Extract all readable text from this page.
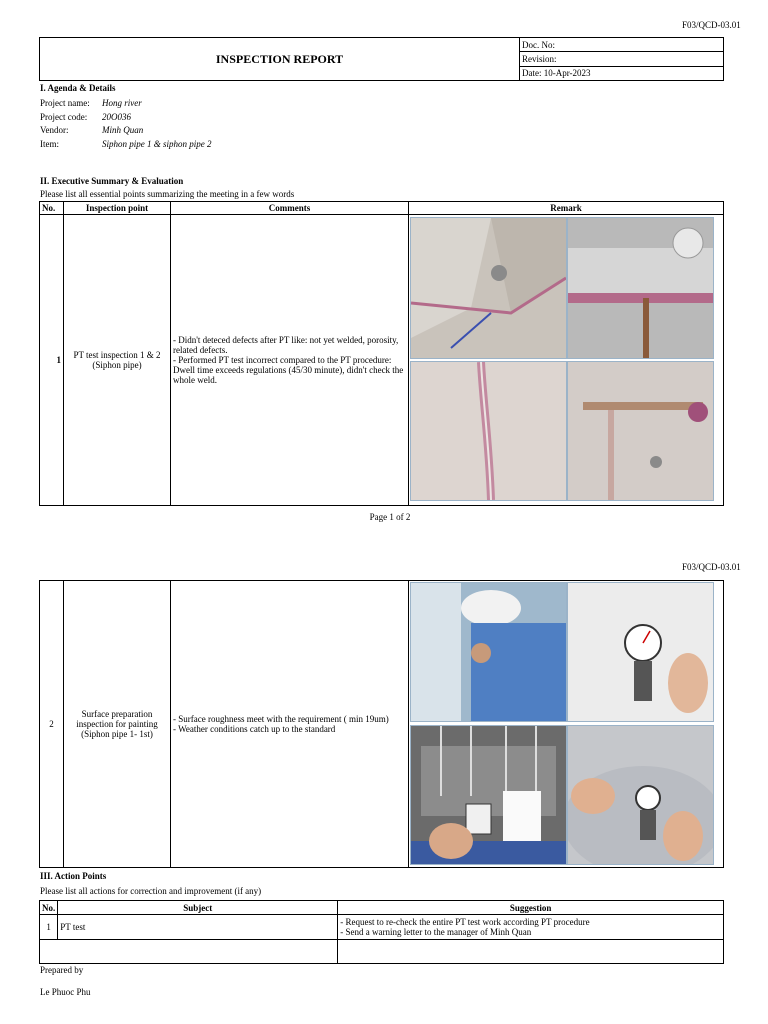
F03/QCD-03.01
INSPECTION REPORT	Doc. No:
Revision:
Date: 10-Apr-2023
I. Agenda & Details
Project name: Hong river
Project code: 20O036
Vendor:	Minh Quan
Item:	Siphon pipe 1 & siphon pipe 2
II. Executive Summary & Evaluation
Please list all essential points summarizing the meeting in a few words
No.	Inspection point	Comments	Remark
1	PT test inspection 1 & 2 (Siphon pipe)	- Didn't deteced defects after PT like: not yet welded, porosity, related defects.
- Performed PT test incorrect compared to the PT procedure: Dwell time exceeds regulations (45/30 minute), didn't check the whole weld.	
Page 1 of 2
F03/QCD-03.01
2	Surface preparation inspection for painting (Siphon pipe 1- 1st)	- Surface roughness meet with the requirement ( min 19um)
- Weather conditions catch up to the standard	
III. Action Points
Please list all actions for correction and improvement (if any)
No.	Subject	Suggestion
1	PT test	- Request to re-check the entire PT test work according PT procedure
- Send a warning letter to the manager of Minh Quan

Prepared by
Le Phuoc Phu
